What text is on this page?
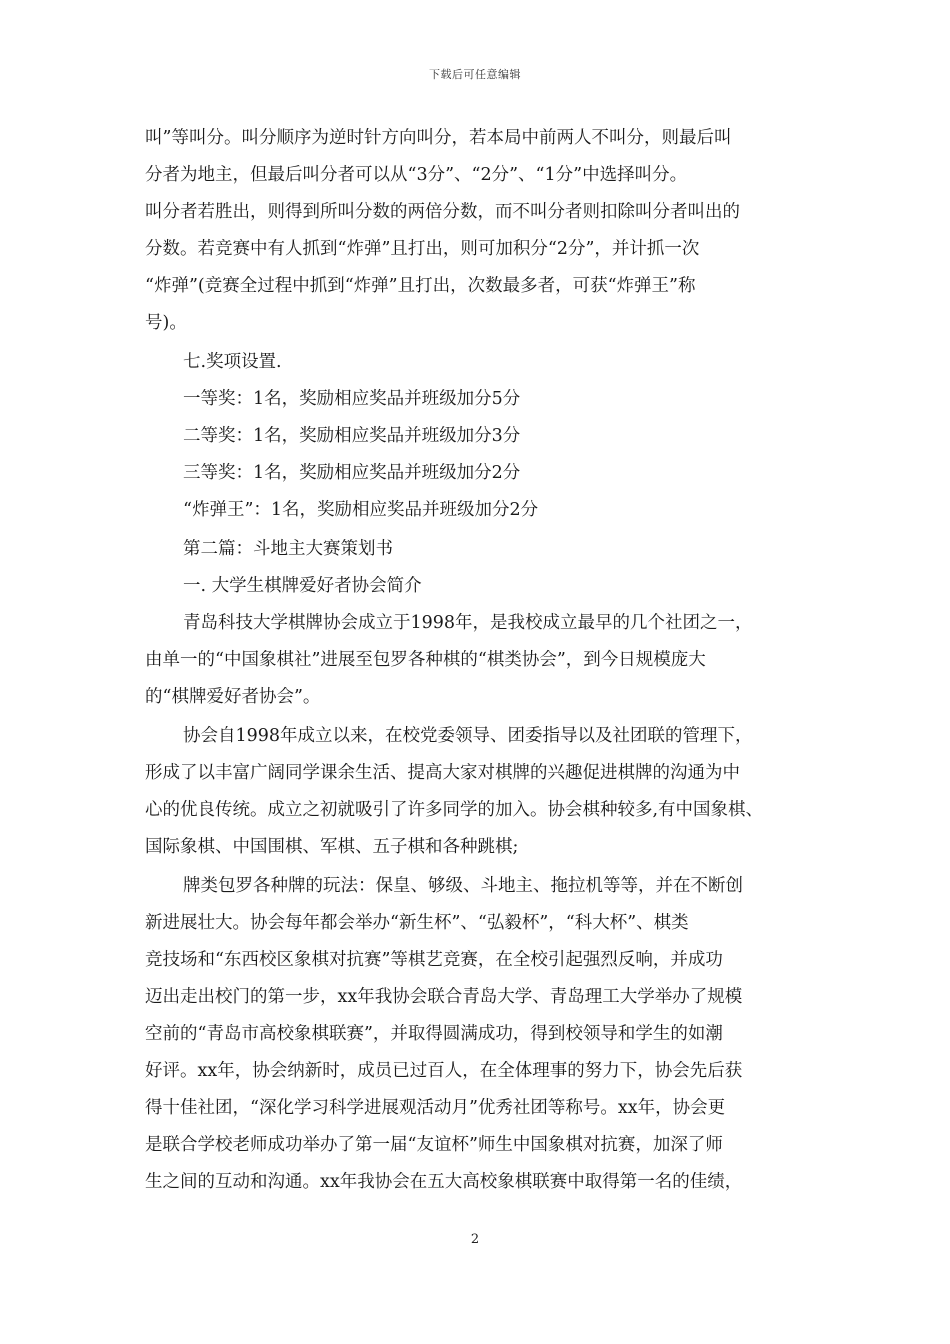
下载后可任意编辑
叫”等叫分。叫分顺序为逆时针方向叫分，若本局中前两人不叫分，则最后叫
分者为地主，但最后叫分者可以从“3分”、“2分”、“1分”中选择叫分。
叫分者若胜出，则得到所叫分数的两倍分数，而不叫分者则扣除叫分者叫出的
分数。若竞赛中有人抓到“炸弹”且打出，则可加积分“2分”，并计抓一次
“炸弹”(竞赛全过程中抓到“炸弹”且打出，次数最多者，可获“炸弹王”称
号)。
七.奖项设置.
一等奖：1名，奖励相应奖品并班级加分5分
二等奖：1名，奖励相应奖品并班级加分3分
三等奖：1名，奖励相应奖品并班级加分2分
“炸弹王”：1名，奖励相应奖品并班级加分2分
第二篇：斗地主大赛策划书
一. 大学生棋牌爱好者协会简介
青岛科技大学棋牌协会成立于1998年，是我校成立最早的几个社团之一，
由单一的“中国象棋社”进展至包罗各种棋的“棋类协会”，到今日规模庞大
的“棋牌爱好者协会”。
协会自1998年成立以来，在校党委领导、团委指导以及社团联的管理下，
形成了以丰富广阔同学课余生活、提高大家对棋牌的兴趣促进棋牌的沟通为中
心的优良传统。成立之初就吸引了许多同学的加入。协会棋种较多,有中国象棋、
国际象棋、中国围棋、军棋、五子棋和各种跳棋;
牌类包罗各种牌的玩法：保皇、够级、斗地主、拖拉机等等，并在不断创
新进展壮大。协会每年都会举办“新生杯”、“弘毅杯”，“科大杯”、棋类
竞技场和“东西校区象棋对抗赛”等棋艺竞赛，在全校引起强烈反响，并成功
迈出走出校门的第一步，xx年我协会联合青岛大学、青岛理工大学举办了规模
空前的“青岛市高校象棋联赛”，并取得圆满成功，得到校领导和学生的如潮
好评。xx年，协会纳新时，成员已过百人，在全体理事的努力下，协会先后获
得十佳社团，“深化学习科学进展观活动月”优秀社团等称号。xx年，协会更
是联合学校老师成功举办了第一届“友谊杯”师生中国象棋对抗赛，加深了师
生之间的互动和沟通。xx年我协会在五大高校象棋联赛中取得第一名的佳绩，
2
